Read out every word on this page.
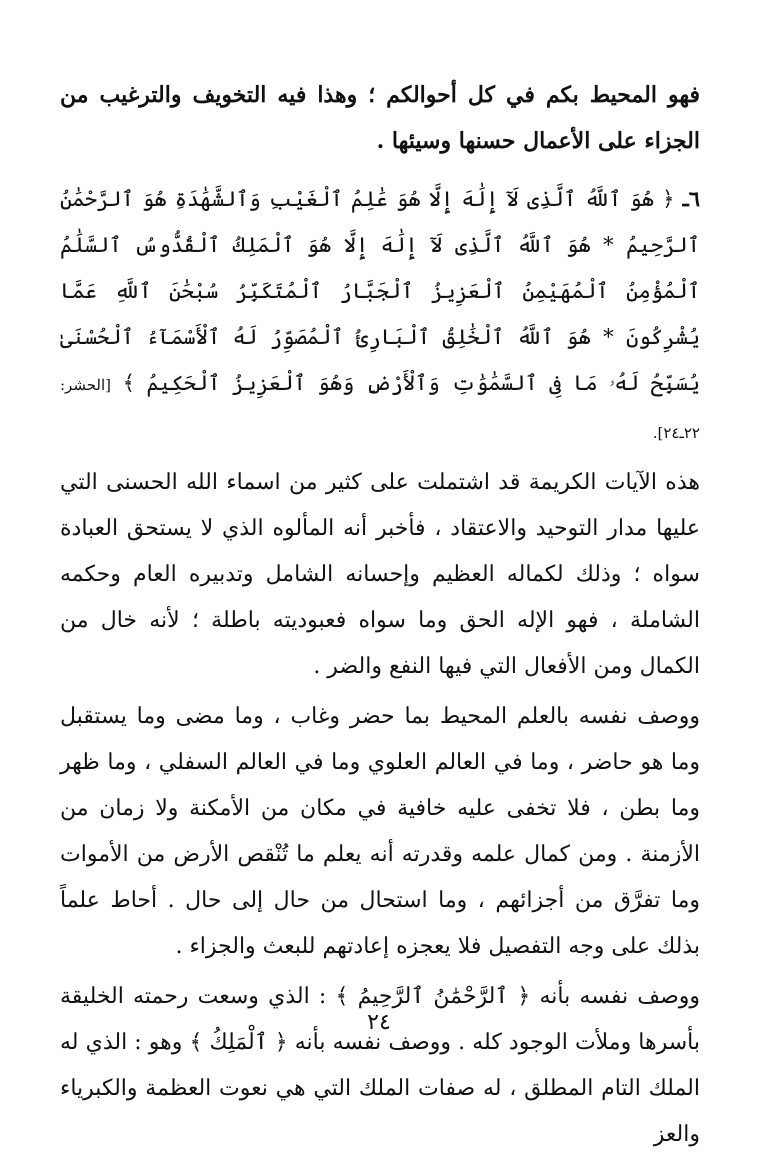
فهو المحيط بكم في كل أحوالكم ؛ وهذا فيه التخويف والترغيب من الجزاء على الأعمال حسنها وسيئها .

٦ـ ﴿ هُوَ ٱللَّهُ ٱلَّذِى لَآ إِلَٰهَ إِلَّا هُوَ عَٰلِمُ ٱلْغَيْبِ وَٱلشَّهَٰدَةِ هُوَ ٱلرَّحْمَٰنُ ٱلرَّحِيمُ * هُوَ ٱللَّهُ ٱلَّذِى لَآ إِلَٰهَ إِلَّا هُوَ ٱلْمَلِكُ ٱلْقُدُّوسُ ٱلسَّلَٰمُ ٱلْمُؤْمِنُ ٱلْمُهَيْمِنُ ٱلْعَزِيزُ ٱلْجَبَّارُ ٱلْمُتَكَبِّرُ سُبْحَٰنَ ٱللَّهِ عَمَّا يُشْرِكُونَ * هُوَ ٱللَّهُ ٱلْخَٰلِقُ ٱلْبَارِئُ ٱلْمُصَوِّرُ لَهُ ٱلْأَسْمَآءُ ٱلْحُسْنَىٰ يُسَبِّحُ لَهُۥ مَا فِى ٱلسَّمَٰوَٰتِ وَٱلْأَرْضِ وَهُوَ ٱلْعَزِيزُ ٱلْحَكِيمُ ﴾ [الحشر: ٢٢ـ٢٤].

هذه الآيات الكريمة قد اشتملت على كثير من اسماء الله الحسنى التي عليها مدار التوحيد والاعتقاد ، فأخبر أنه المألوه الذي لا يستحق العبادة سواه ؛ وذلك لكماله العظيم وإحسانه الشامل وتدبيره العام وحكمه الشاملة ، فهو الإله الحق وما سواه فعبوديته باطلة ؛ لأنه خال من الكمال ومن الأفعال التي فيها النفع والضر .

ووصف نفسه بالعلم المحيط بما حضر وغاب ، وما مضى وما يستقبل وما هو حاضر ، وما في العالم العلوي وما في العالم السفلي ، وما ظهر وما بطن ، فلا تخفى عليه خافية في مكان من الأمكنة ولا زمان من الأزمنة . ومن كمال علمه وقدرته أنه يعلم ما تُنْقص الأرض من الأموات وما تفرَّق من أجزائهم ، وما استحال من حال إلى حال . أحاط علماً بذلك على وجه التفصيل فلا يعجزه إعادتهم للبعث والجزاء .

ووصف نفسه بأنه ﴿ ٱلرَّحْمَٰنُ ٱلرَّحِيمُ ﴾ : الذي وسعت رحمته الخليقة بأسرها وملأت الوجود كله . ووصف نفسه بأنه ﴿ ٱلْمَلِكُ ﴾ وهو : الذي له الملك التام المطلق ، له صفات الملك التي هي نعوت العظمة والكبرياء والعز

٢٤
